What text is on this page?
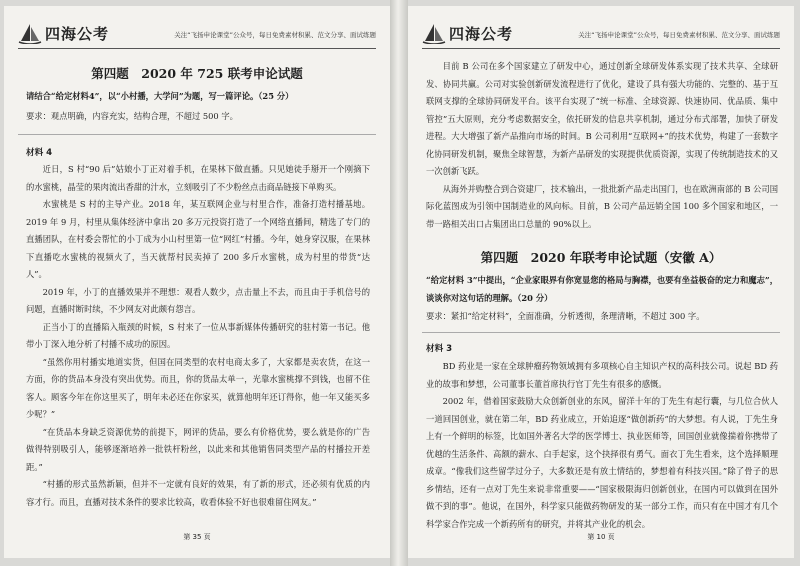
四海公考	关注“飞扬申论课堂”公众号，每日免费素材积累、范文分享、面试练题
第四题　2020 年 725 联考申论试题
请结合“给定材料4”，以“小村播，大学问”为题，写一篇评论。（25 分）
要求：观点明确，内容充实，结构合理，不超过 500 字。
材料 4

近日，S 村“90 后”姑娘小丁正对着手机，在果林下做直播。只见她徒手掰开一个刚摘下的水蜜桃，晶莹的果肉流出香甜的汁水，立刻吸引了不少粉丝点击商品链接下单购买。

水蜜桃是 S 村的主导产业。2018 年，某互联网企业与村里合作，准备打造村播基地。2019 年 9 月，村里从集体经济中拿出 20 多万元投资打造了一个网络直播间，精选了专门的直播团队，在村委会帮忙的小丁成为小山村里第一位“网红”村播。今年，她身穿汉服，在果林下直播吃水蜜桃的视频火了，当天就帮村民卖掉了 200 多斤水蜜桃，成为村里的带货“达人”。

2019 年，小丁的直播效果并不理想：观看人数少，点击量上不去，而且由于手机信号的问题，直播时断时续，不少网友对此颇有怨言。

正当小丁的直播陷入瓶颈的时候，S 村来了一位从事新媒体传播研究的驻村第一书记。他带小丁深入地分析了村播不成功的原因。

“虽然你用村播实地道实货，但国在同类型的农村电商太多了，大家都是卖农货，在这一方面，你的货品本身没有突出优势。而且，你的货品太单一，光靠水蜜桃撑不到钱，也留不住客人。顾客今年在你这里买了，明年未必还在你家买，就算他明年还订得你，他一年又能买多少呢？”

“在货品本身缺乏资源优势的前提下，网评的货品，要么有价格优势，要么就是你的广告做得特别吸引人，能够逐渐培养一批铁杆粉丝，以此来和其他销售同类型产品的村播拉开差距。”

“村播的形式虽然新颖，但并不一定就有良好的效果，有了新的形式，还必须有优质的内容才行。而且，直播对技术条件的要求比较高，收看体验不好也很难留住网友。”

第 35 页
四海公考	关注“飞扬申论课堂”公众号，每日免费素材积累、范文分享、面试练题

目前 B 公司在多个国家建立了研发中心，通过创新全球研发体系实现了技术共享、全球研发、协同共赢。公司对实验创新研发流程进行了优化，建设了具有强大功能的、完整的、基于互联网支撑的全球协同研发平台。该平台实现了“统一标准、全球资源、快速协同、优品质、集中管控”五大原则，充分考虑数据安全，依托研发的信息共享机制，通过分布式部署，加快了研发进程。大大增强了新产品推向市场的时间。B 公司利用“互联网+”的技术优势，构建了一套数字化协同研发机制，聚焦全球智慧，为新产品研发的实现提供优质资源，实现了传统制造技术的又一次创新飞跃。

从海外并购整合到合资建厂，技术输出，一批批新产品走出国门，也在欧洲南部的 B 公司国际化蓝图成为引领中国制造业的风向标。目前，B 公司产品远销全国 100 多个国家和地区，一带一路相关出口占集团出口总量的 90%以上。

第四题　2020 年联考申论试题（安徽 A）
“给定材料 3”中提出，“企业家眼界有你宽显您的格局与胸襟，也要有坐益极奋的定力和魔志”，谈谈你对这句话的理解。（20 分）
要求：紧扣“给定材料”，全面准确，分析透彻，条理清晰，不超过 300 字。
材料 3

BD 药业是一家在全球肿瘤药物领域拥有多项核心自主知识产权的高科技公司。说起 BD 药业的故事和梦想，公司董事长董首席执行官丁先生有很多的感慨。

2002 年，借着国家鼓励大众创新创业的东风，留洋十年的丁先生有起行囊，与几位合伙人一道回国创业，就在第二年，BD 药业成立，开始追逐“做创新药”的大梦想。有人说，丁先生身上有一个鲜明的标签，比如国外著名大学的医学博士、执业医师等，回国创业就像揣着你携带了优越的生活条件、高额的薪水、白手起家，这个抉择很有勇气。面衣丁先生看来，这个选择顺理成章。“像我们这些留学过分子，大多数还是有放土情结的，梦想着有科技兴国。”除了骨子的思乡情结，还有一点对丁先生来说非常重要——“国家极限海归创新创业，在国内可以做到在国外做不到的事”。他说，在国外，科学家只能做药物研发的某一部分工作，而只有在中国才有几个科学家合作完成一个新药所有的研究，并将其产业化的机会。

第 10 页
